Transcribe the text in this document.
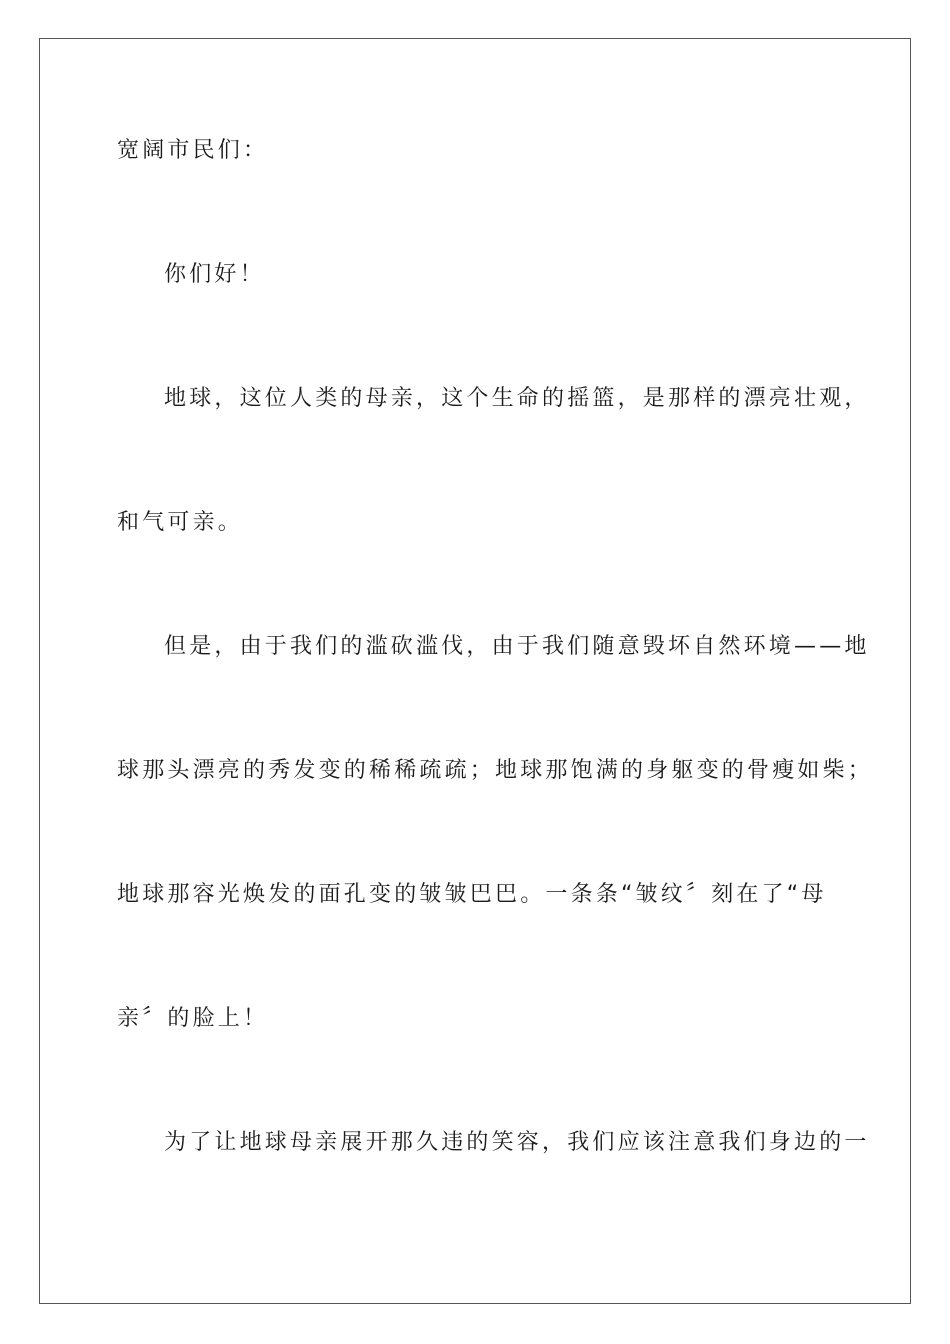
宽阔市民们：
你们好！
地球，这位人类的母亲，这个生命的摇篮，是那样的漂亮壮观，
和气可亲。
但是，由于我们的滥砍滥伐，由于我们随意毁坏自然环境——地
球那头漂亮的秀发变的稀稀疏疏；地球那饱满的身躯变的骨瘦如柴；
地球那容光焕发的面孔变的皱皱巴巴。一条条“皱纹〞刻在了“母
亲〞的脸上！
为了让地球母亲展开那久违的笑容，我们应该注意我们身边的一
